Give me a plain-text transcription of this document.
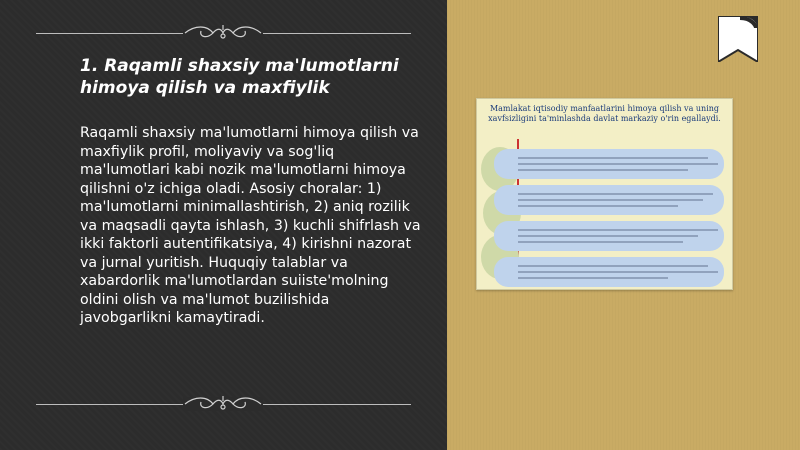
1. Raqamli shaxsiy ma'lumotlarni himoya qilish va maxfiylik
Raqamli shaxsiy ma'lumotlarni himoya qilish va maxfiylik profil, moliyaviy va sog'liq ma'lumotlari kabi nozik ma'lumotlarni himoya qilishni o'z ichiga oladi. Asosiy choralar: 1) ma'lumotlarni minimallashtirish, 2) aniq rozilik va maqsadli qayta ishlash, 3) kuchli shifrlash va ikki faktorli autentifikatsiya, 4) kirishni nazorat va jurnal yuritish. Huquqiy talablar va xabardorlik ma'lumotlardan suiiste'molning oldini olish va ma'lumot buzilishida javobgarlikni kamaytiradi.
Mamlakat iqtisodiy manfaatlarini himoya qilish va uning xavfsizligini ta'minlashda davlat markaziy o'rin egallaydi.
